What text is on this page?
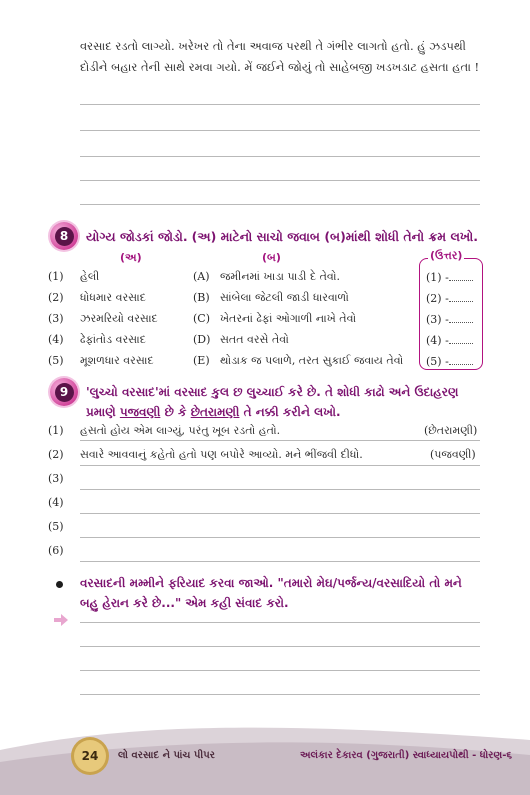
વરસાદ રડતો લાગ્યો. ખરેખર તો તેના અવાજ પરથી તે ગંભીર લાગતો હતો. હું ઝડપથી
દોડીને બહાર તેની સાથે રમવા ગયો. મેં જઈને જોયું તો સાહેબજી ખડખડાટ હસતા હતા !
8	યોગ્ય જોડકાં જોડો. (અ) માટેનો સાચો જવાબ (બ)માંથી શોધી તેનો ક્રમ લખો.
(અ)	(બ)	(ઉત્તર)
(1)	હેલી	(A) જમીનમાં ખાડા પાડી દે તેવો.	(1) -
(2)	ધોધમાર વરસાદ	(B) સાંબેલા જેટલી જાડી ધારવાળો	(2) -
(3)	ઝરમરિયો વરસાદ	(C) ખેતરનાં ઢેફાં ઓગાળી નાખે તેવો	(3) -
(4)	ઢેફાંતોડ વરસાદ	(D) સતત વરસે તેવો	(4) -
(5)	મૂશળધાર વરસાદ	(E) થોડાક જ પલાળે, તરત સુકાઈ જવાય તેવો (5) -
9	'લુચ્ચો વરસાદ'માં વરસાદ કુલ છ લુચ્ચાઈ કરે છે. તે શોધી કાઢો અને ઉદાહરણ
પ્રમાણે પજવણી છે કે છેતરામણી તે નક્કી કરીને લખો.
(1)	હસતો હોય એમ લાગ્યું, પરંતુ ખૂબ રડતો હતો.	(છેતરામણી)
(2)	સવારે આવવાનું કહેતો હતો પણ બપોરે આવ્યો. મને ભીંજવી દીધો.	(પજવણી)
(3)
(4)
(5)
(6)
વરસાદની મમ્મીને ફરિયાદ કરવા જાઓ. "તમારો મેઘ/પર્જન્ય/વરસાદિયો તો મને
બહુ હેરાન કરે છે..." એમ કહી સંવાદ કરો.
24 લો વરસાદ ને પાંચ પીપર	અલંકાર દેકારવ (ગુજરાતી) સ્વાધ્યાયપોથી - ધોરણ-૬
